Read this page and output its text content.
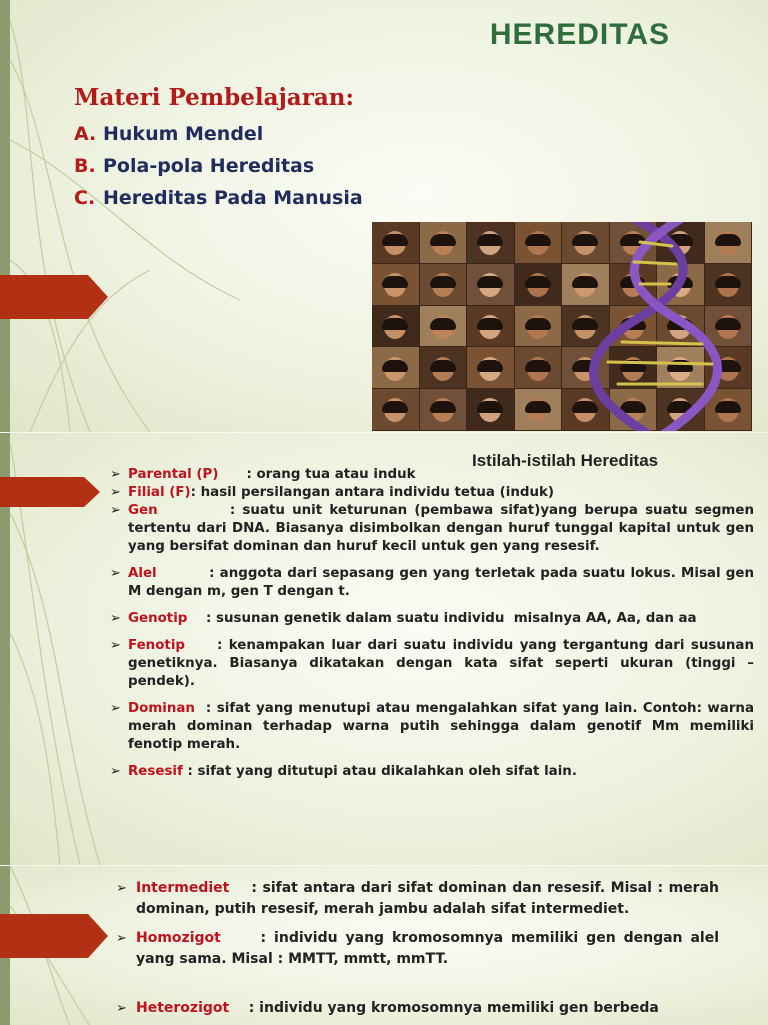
HEREDITAS
Materi Pembelajaran:
A. Hukum Mendel
B. Pola-pola Hereditas
C. Hereditas Pada Manusia
Istilah-istilah Hereditas
➢ Parental (P)      : orang tua atau induk
➢ Filial (F): hasil persilangan antara individu tetua (induk)
➢ Gen          : suatu unit keturunan (pembawa sifat)yang berupa suatu segmen tertentu dari DNA. Biasanya disimbolkan dengan huruf tunggal kapital untuk gen yang bersifat dominan dan huruf kecil untuk gen yang resesif.
➢ Alel          : anggota dari sepasang gen yang terletak pada suatu lokus. Misal gen M dengan m, gen T dengan t.
➢ Genotip    : susunan genetik dalam suatu individu  misalnya AA, Aa, dan aa
➢ Fenotip     : kenampakan luar dari suatu individu yang tergantung dari susunan genetiknya. Biasanya dikatakan dengan kata sifat seperti ukuran (tinggi – pendek).
➢ Dominan  : sifat yang menutupi atau mengalahkan sifat yang lain. Contoh: warna merah dominan terhadap warna putih sehingga dalam genotif Mm memiliki fenotip merah.
➢ Resesif : sifat yang ditutupi atau dikalahkan oleh sifat lain.
➢ Intermediet    : sifat antara dari sifat dominan dan resesif. Misal : merah dominan, putih resesif, merah jambu adalah sifat intermediet.
➢ Homozigot     : individu yang kromosomnya memiliki gen dengan alel yang sama. Misal : MMTT, mmtt, mmTT.
➢ Heterozigot    : individu yang kromosomnya memiliki gen berbeda
